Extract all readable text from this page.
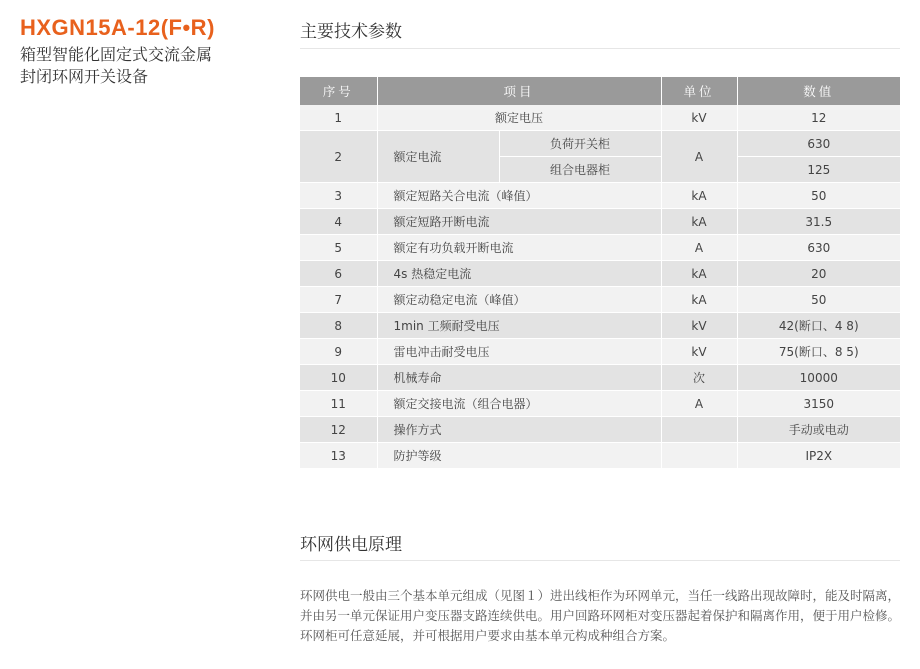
HXGN15A-12(F•R)
箱型智能化固定式交流金属
封闭环网开关设备
主要技术参数
序号	项目		单位	数值
1	额定电压		kV	12
2	额定电流	负荷开关柜	A	630
		组合电器柜		125
3	额定短路关合电流（峰值）		kA	50
4	额定短路开断电流		kA	31.5
5	额定有功负载开断电流		A	630
6	4s 热稳定电流		kA	20
7	额定动稳定电流（峰值）		kA	50
8	1min 工频耐受电压		kV	42(断口、4 8)
9	雷电冲击耐受电压		kV	75(断口、8 5)
10	机械寿命		次	10000
11	额定交接电流（组合电器）		A	3150
12	操作方式			手动或电动
13	防护等级			IP2X
环网供电原理
环网供电一般由三个基本单元组成（见图１）进出线柜作为环网单元，当任一线路出现故障时，能及时隔离，并由另一单元保证用户变压器支路连续供电。用户回路环网柜对变压器起着保护和隔离作用，便于用户检修。环网柜可任意延展，并可根据用户要求由基本单元构成种组合方案。
